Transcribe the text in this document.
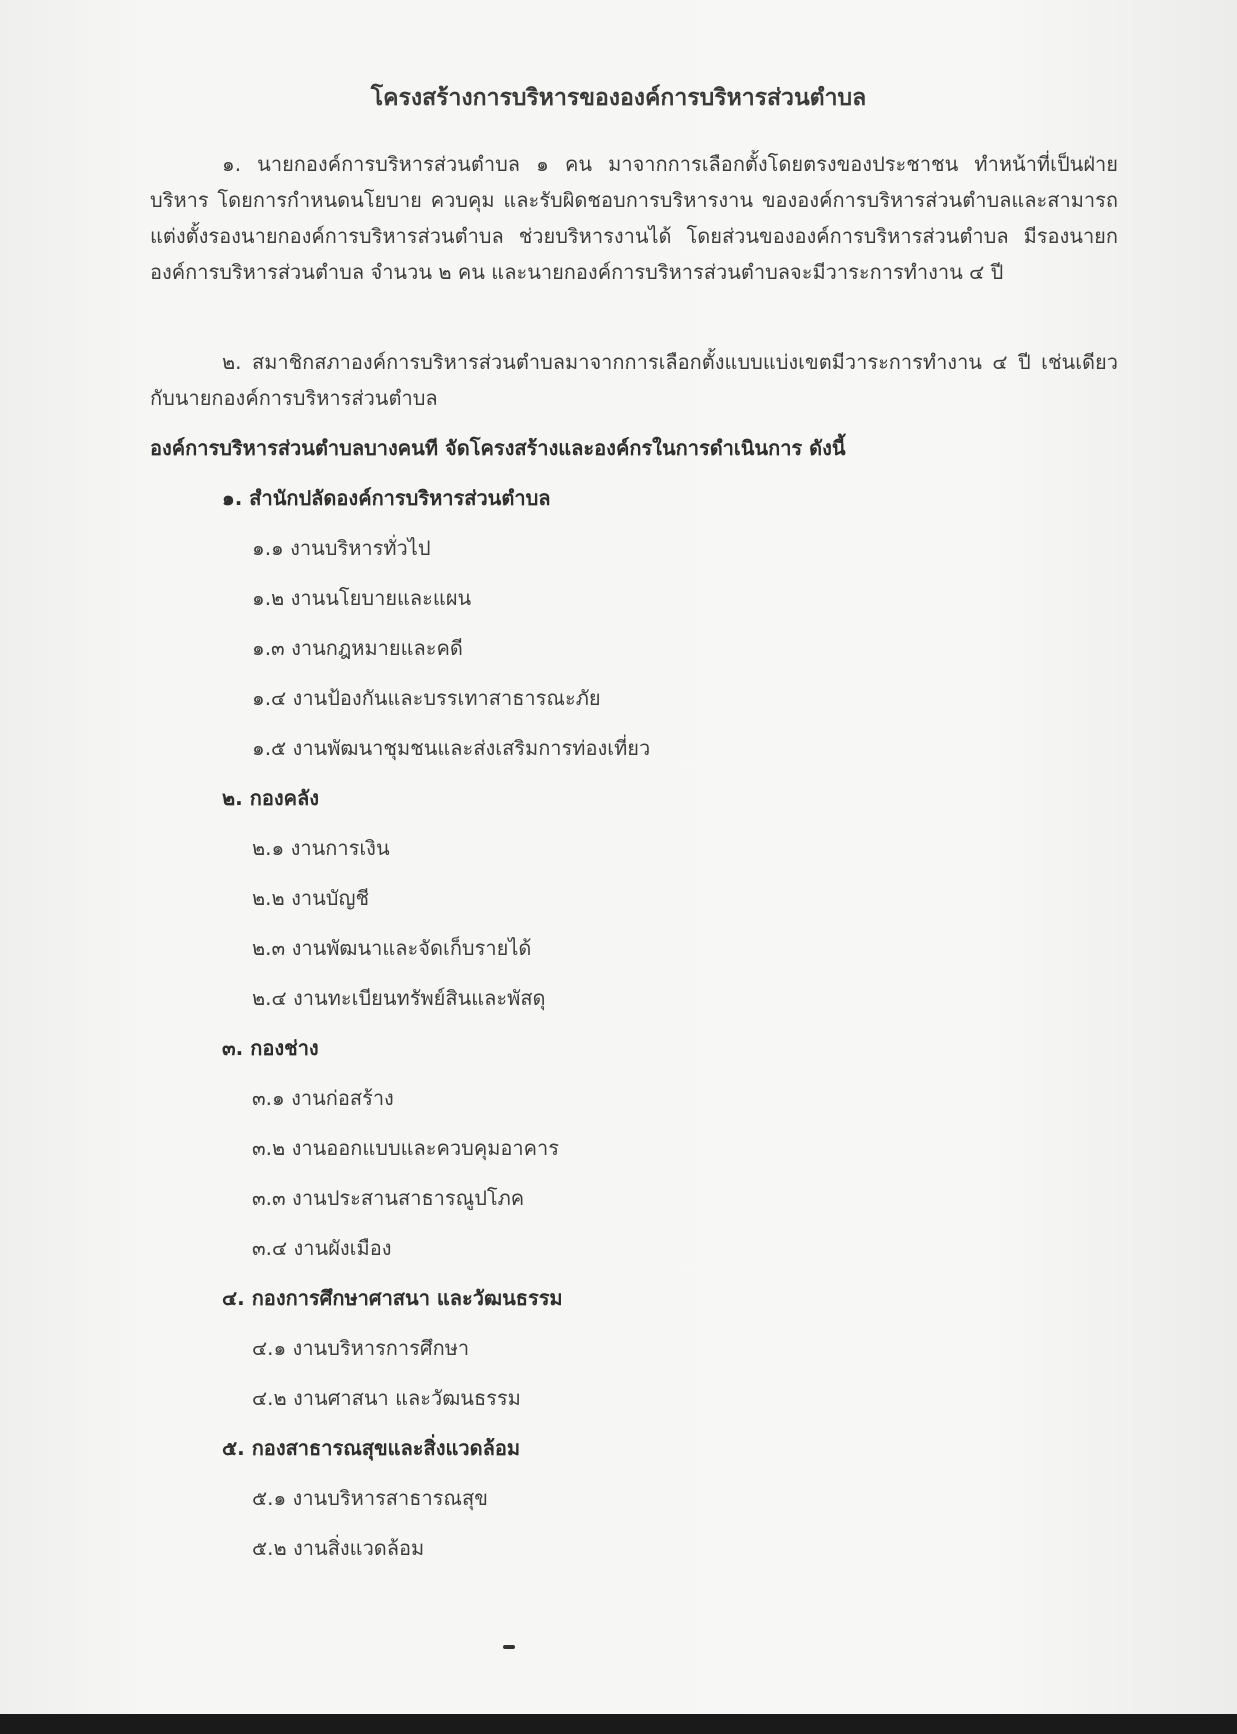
โครงสร้างการบริหารขององค์การบริหารส่วนตำบล
๑. นายกองค์การบริหารส่วนตำบล ๑ คน มาจากการเลือกตั้งโดยตรงของประชาชน ทำหน้าที่เป็นฝ่ายบริหาร โดยการกำหนดนโยบาย ควบคุม และรับผิดชอบการบริหารงาน ขององค์การบริหารส่วนตำบลและสามารถแต่งตั้งรองนายกองค์การบริหารส่วนตำบล ช่วยบริหารงานได้ โดยส่วนขององค์การบริหารส่วนตำบล มีรองนายกองค์การบริหารส่วนตำบล จำนวน ๒ คน และนายกองค์การบริหารส่วนตำบลจะมีวาระการทำงาน ๔ ปี
๒. สมาชิกสภาองค์การบริหารส่วนตำบลมาจากการเลือกตั้งแบบแบ่งเขตมีวาระการทำงาน ๔ ปี เช่นเดียวกับนายกองค์การบริหารส่วนตำบล
องค์การบริหารส่วนตำบลบางคนที จัดโครงสร้างและองค์กรในการดำเนินการ ดังนี้
๑. สำนักปลัดองค์การบริหารส่วนตำบล
๑.๑ งานบริหารทั่วไป
๑.๒ งานนโยบายและแผน
๑.๓ งานกฎหมายและคดี
๑.๔ งานป้องกันและบรรเทาสาธารณะภัย
๑.๕ งานพัฒนาชุมชนและส่งเสริมการท่องเที่ยว
๒. กองคลัง
๒.๑ งานการเงิน
๒.๒ งานบัญชี
๒.๓ งานพัฒนาและจัดเก็บรายได้
๒.๔ งานทะเบียนทรัพย์สินและพัสดุ
๓. กองช่าง
๓.๑ งานก่อสร้าง
๓.๒ งานออกแบบและควบคุมอาคาร
๓.๓ งานประสานสาธารณูปโภค
๓.๔ งานผังเมือง
๔. กองการศึกษาศาสนา และวัฒนธรรม
๔.๑ งานบริหารการศึกษา
๔.๒ งานศาสนา และวัฒนธรรม
๕. กองสาธารณสุขและสิ่งแวดล้อม
๕.๑ งานบริหารสาธารณสุข
๕.๒ งานสิ่งแวดล้อม
